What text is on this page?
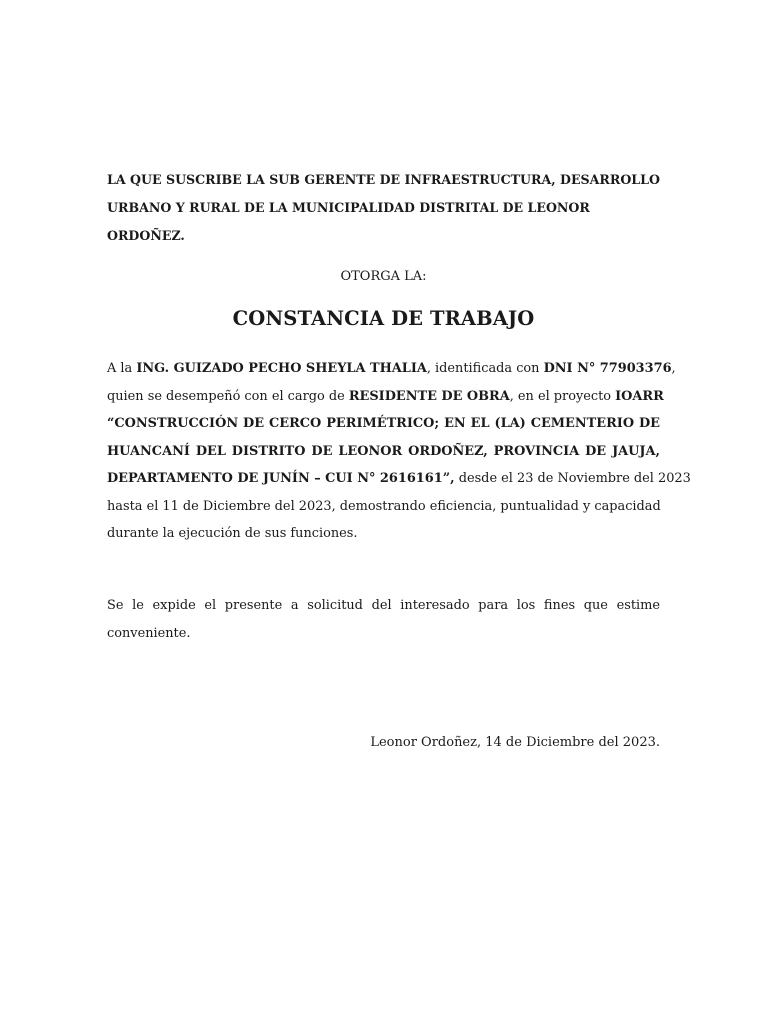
LA QUE SUSCRIBE LA SUB GERENTE DE INFRAESTRUCTURA, DESARROLLO
URBANO Y RURAL DE LA MUNICIPALIDAD DISTRITAL DE LEONOR ORDOÑEZ.
OTORGA LA:
CONSTANCIA DE TRABAJO
A la ING. GUIZADO PECHO SHEYLA THALIA, identificada con DNI N° 77903376,
quien se desempeñó con el cargo de RESIDENTE DE OBRA, en el proyecto IOARR
“CONSTRUCCIÓN DE CERCO PERIMÉTRICO; EN EL (LA) CEMENTERIO DE
HUANCANÍ DEL DISTRITO DE LEONOR ORDOÑEZ, PROVINCIA DE JAUJA,
DEPARTAMENTO DE JUNÍN – CUI N° 2616161”, desde el 23 de Noviembre del 2023
hasta el 11 de Diciembre del 2023, demostrando eficiencia, puntualidad y capacidad
durante la ejecución de sus funciones.
Se le expide el presente a solicitud del interesado para los fines que estime
conveniente.
Leonor Ordoñez, 14 de Diciembre del 2023.
